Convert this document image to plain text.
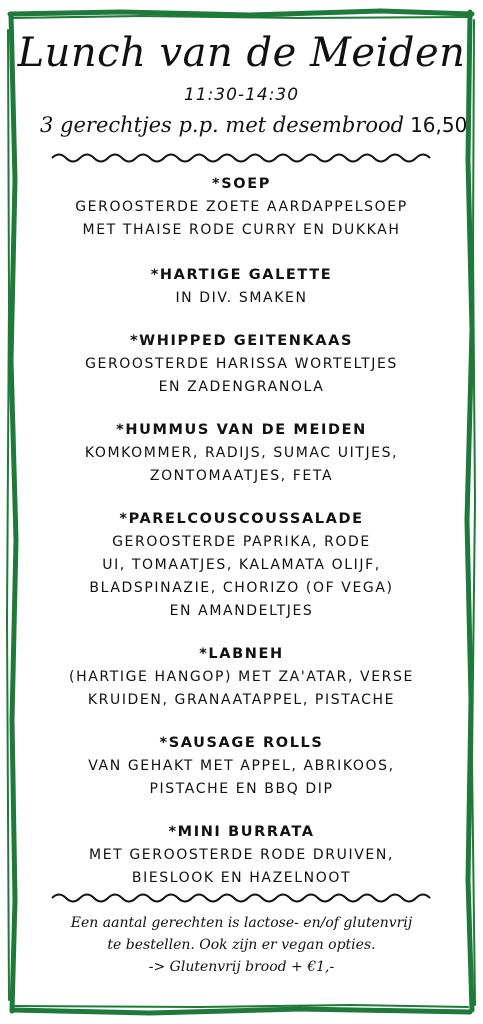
Lunch van de Meiden
11:30-14:30
3 gerechtjes p.p. met desembrood 16,50
*SOEP
GEROOSTERDE ZOETE AARDAPPELSOEP
MET THAISE RODE CURRY EN DUKKAH
*HARTIGE GALETTE
IN DIV. SMAKEN
*WHIPPED GEITENKAAS
GEROOSTERDE HARISSA WORTELTJES
EN ZADENGRANOLA
*HUMMUS VAN DE MEIDEN
KOMKOMMER, RADIJS, SUMAC UITJES,
ZONTOMAATJES, FETA
*PARELCOUSCOUSSALADE
GEROOSTERDE PAPRIKA, RODE
UI, TOMAATJES, KALAMATA OLIJF,
BLADSPINAZIE, CHORIZO (OF VEGA)
EN AMANDELTJES
*LABNEH
(HARTIGE HANGOP) MET ZA'ATAR, VERSE
KRUIDEN, GRANAATAPPEL, PISTACHE
*SAUSAGE ROLLS
VAN GEHAKT MET APPEL, ABRIKOOS,
PISTACHE EN BBQ DIP
*MINI BURRATA
MET GEROOSTERDE RODE DRUIVEN,
BIESLOOK EN HAZELNOOT
Een aantal gerechten is lactose- en/of glutenvrij
te bestellen. Ook zijn er vegan opties.
-> Glutenvrij brood + €1,-
